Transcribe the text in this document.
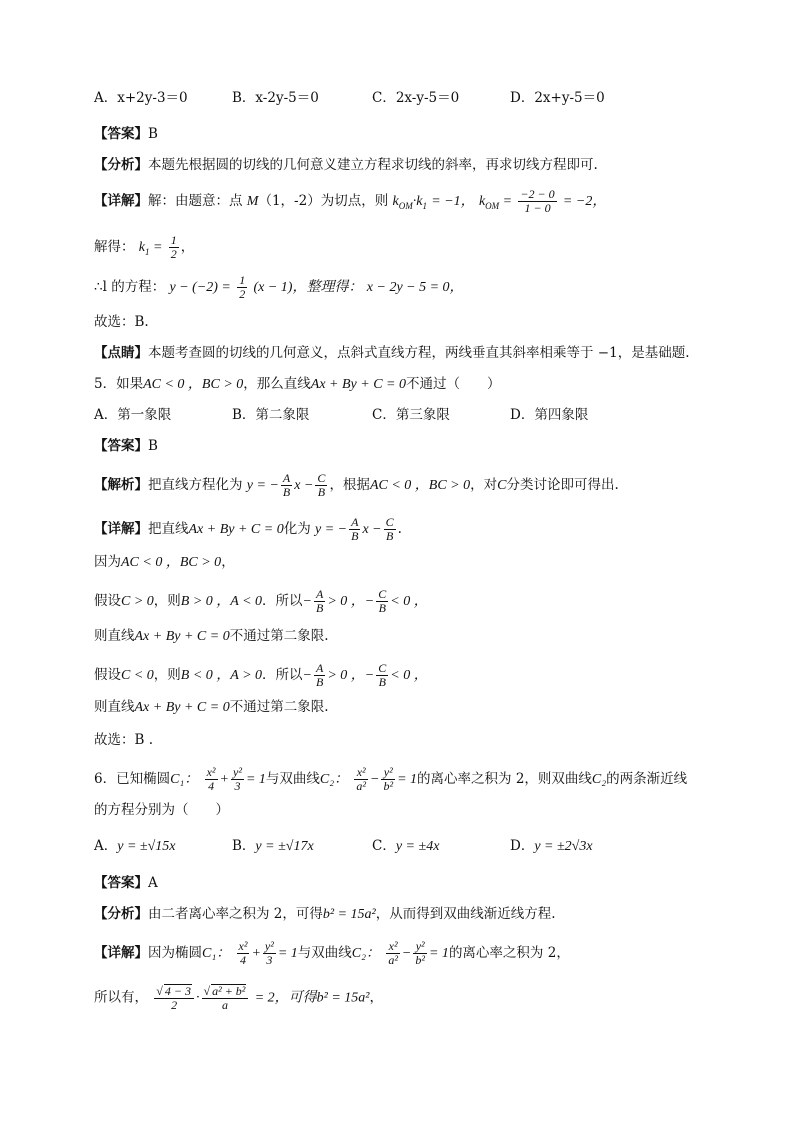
A．x+2y-3＝0	B．x-2y-5＝0	C．2x-y-5＝0	D．2x+y-5＝0
【答案】B
【分析】本题先根据圆的切线的几何意义建立方程求切线的斜率，再求切线方程即可.
【详解】解：由题意：点 M（1，-2）为切点，则 $k_{OM}\cdot k_1 = -1$， $k_{OM} = \frac{-2 - 0}{1 - 0} = -2$，
解得： $k_1 = \frac{1}{2}$ ，
∴l 的方程： $y - (-2) = \frac{1}{2} (x - 1)$，整理得： x − 2y − 5 = 0，
故选：B.
【点睛】本题考查圆的切线的几何意义，点斜式直线方程，两线垂直其斜率相乘等于 −1，是基础题.
5．如果AC < 0 ，BC > 0，那么直线Ax + By + C = 0不通过（　　）
A．第一象限	B．第二象限	C．第三象限	D．第四象限
【答案】B
【解析】把直线方程化为 y = − $\frac{A}{B}$ $x - \frac{C}{B}$ ，根据AC < 0 ，BC > 0，对C分类讨论即可得出.
【详解】把直线Ax + By + C = 0化为 y = − $\frac{A}{B}$ $x - \frac{C}{B}$ .
因为AC < 0 ，BC > 0，
假设C > 0，则B > 0 ，A < 0．所以− $\frac{A}{B} > 0$ ，− $\frac{C}{B} < 0$ ，
则直线Ax + By + C = 0不通过第二象限.
假设C < 0，则B < 0 ，A > 0．所以− $\frac{A}{B} > 0$ ，− $\frac{C}{B} < 0$ ，
则直线Ax + By + C = 0不通过第二象限.
故选：B .
6．已知椭圆C₁： $\frac{\text{x²}}{4} + \frac{\text{y²}}{3} = 1$与双曲线C₂： $\frac{\text{x²}}{\text{a²}} - \frac{\text{y²}}{\text{b²}} = 1$的离心率之积为 2，则双曲线C₂的两条渐近线
的方程分别为（　　）
A．y = ±√15x	B．y = ±√17x	C．y = ±4x	D．y = ±2√3x
【答案】A
【分析】由二者离心率之积为 2，可得b² = 15a²，从而得到双曲线渐近线方程.
【详解】因为椭圆C₁： $\frac{\text{x²}}{4} + \frac{\text{y²}}{3} = 1$与双曲线C₂： $\frac{\text{x²}}{\text{a²}} - \frac{\text{y²}}{\text{b²}} = 1$的离心率之积为 2，
所以有， $\frac{√ 4 - 3}{2} \cdot \frac{\text{√ a² + b²}}{a} = 2$，可得b² = 15a²，
